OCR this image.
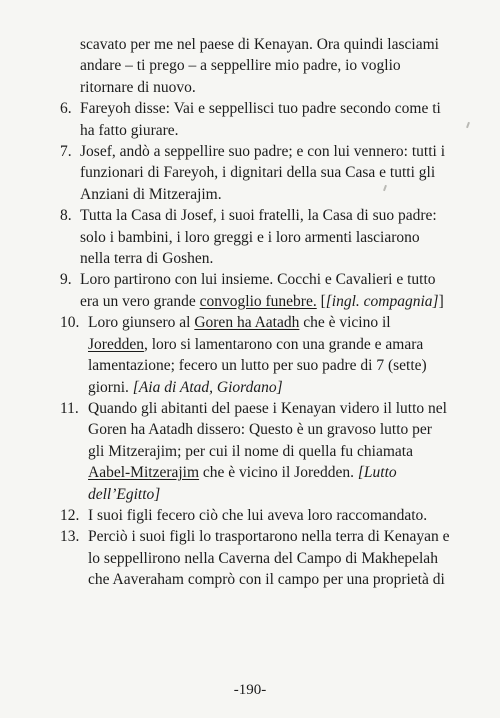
scavato per me nel paese di Kenayan. Ora quindi lasciami andare – ti prego – a seppellire mio padre, io voglio ritornare di nuovo.
6. Fareyoh disse: Vai e seppellisci tuo padre secondo come ti ha fatto giurare.
7. Josef, andò a seppellire suo padre; e con lui vennero: tutti i funzionari di Fareyoh, i dignitari della sua Casa e tutti gli Anziani di Mitzerajim.
8. Tutta la Casa di Josef, i suoi fratelli, la Casa di suo padre: solo i bambini, i loro greggi e i loro armenti lasciarono nella terra di Goshen.
9. Loro partirono con lui insieme. Cocchi e Cavalieri e tutto era un vero grande convoglio funebre. [[ingl. compagnia]]
10. Loro giunsero al Goren ha Aatadh che è vicino il Joredden, loro si lamentarono con una grande e amara lamentazione; fecero un lutto per suo padre di 7 (sette) giorni. [Aia di Atad, Giordano]
11. Quando gli abitanti del paese i Kenayan videro il lutto nel Goren ha Aatadh dissero: Questo è un gravoso lutto per gli Mitzerajim; per cui il nome di quella fu chiamata Aabel-Mitzerajim che è vicino il Joredden. [Lutto dell’Egitto]
12. I suoi figli fecero ciò che lui aveva loro raccomandato.
13. Perciò i suoi figli lo trasportarono nella terra di Kenayan e lo seppellirono nella Caverna del Campo di Makhepelah che Aaveraham comprò con il campo per una proprietà di
-190-
